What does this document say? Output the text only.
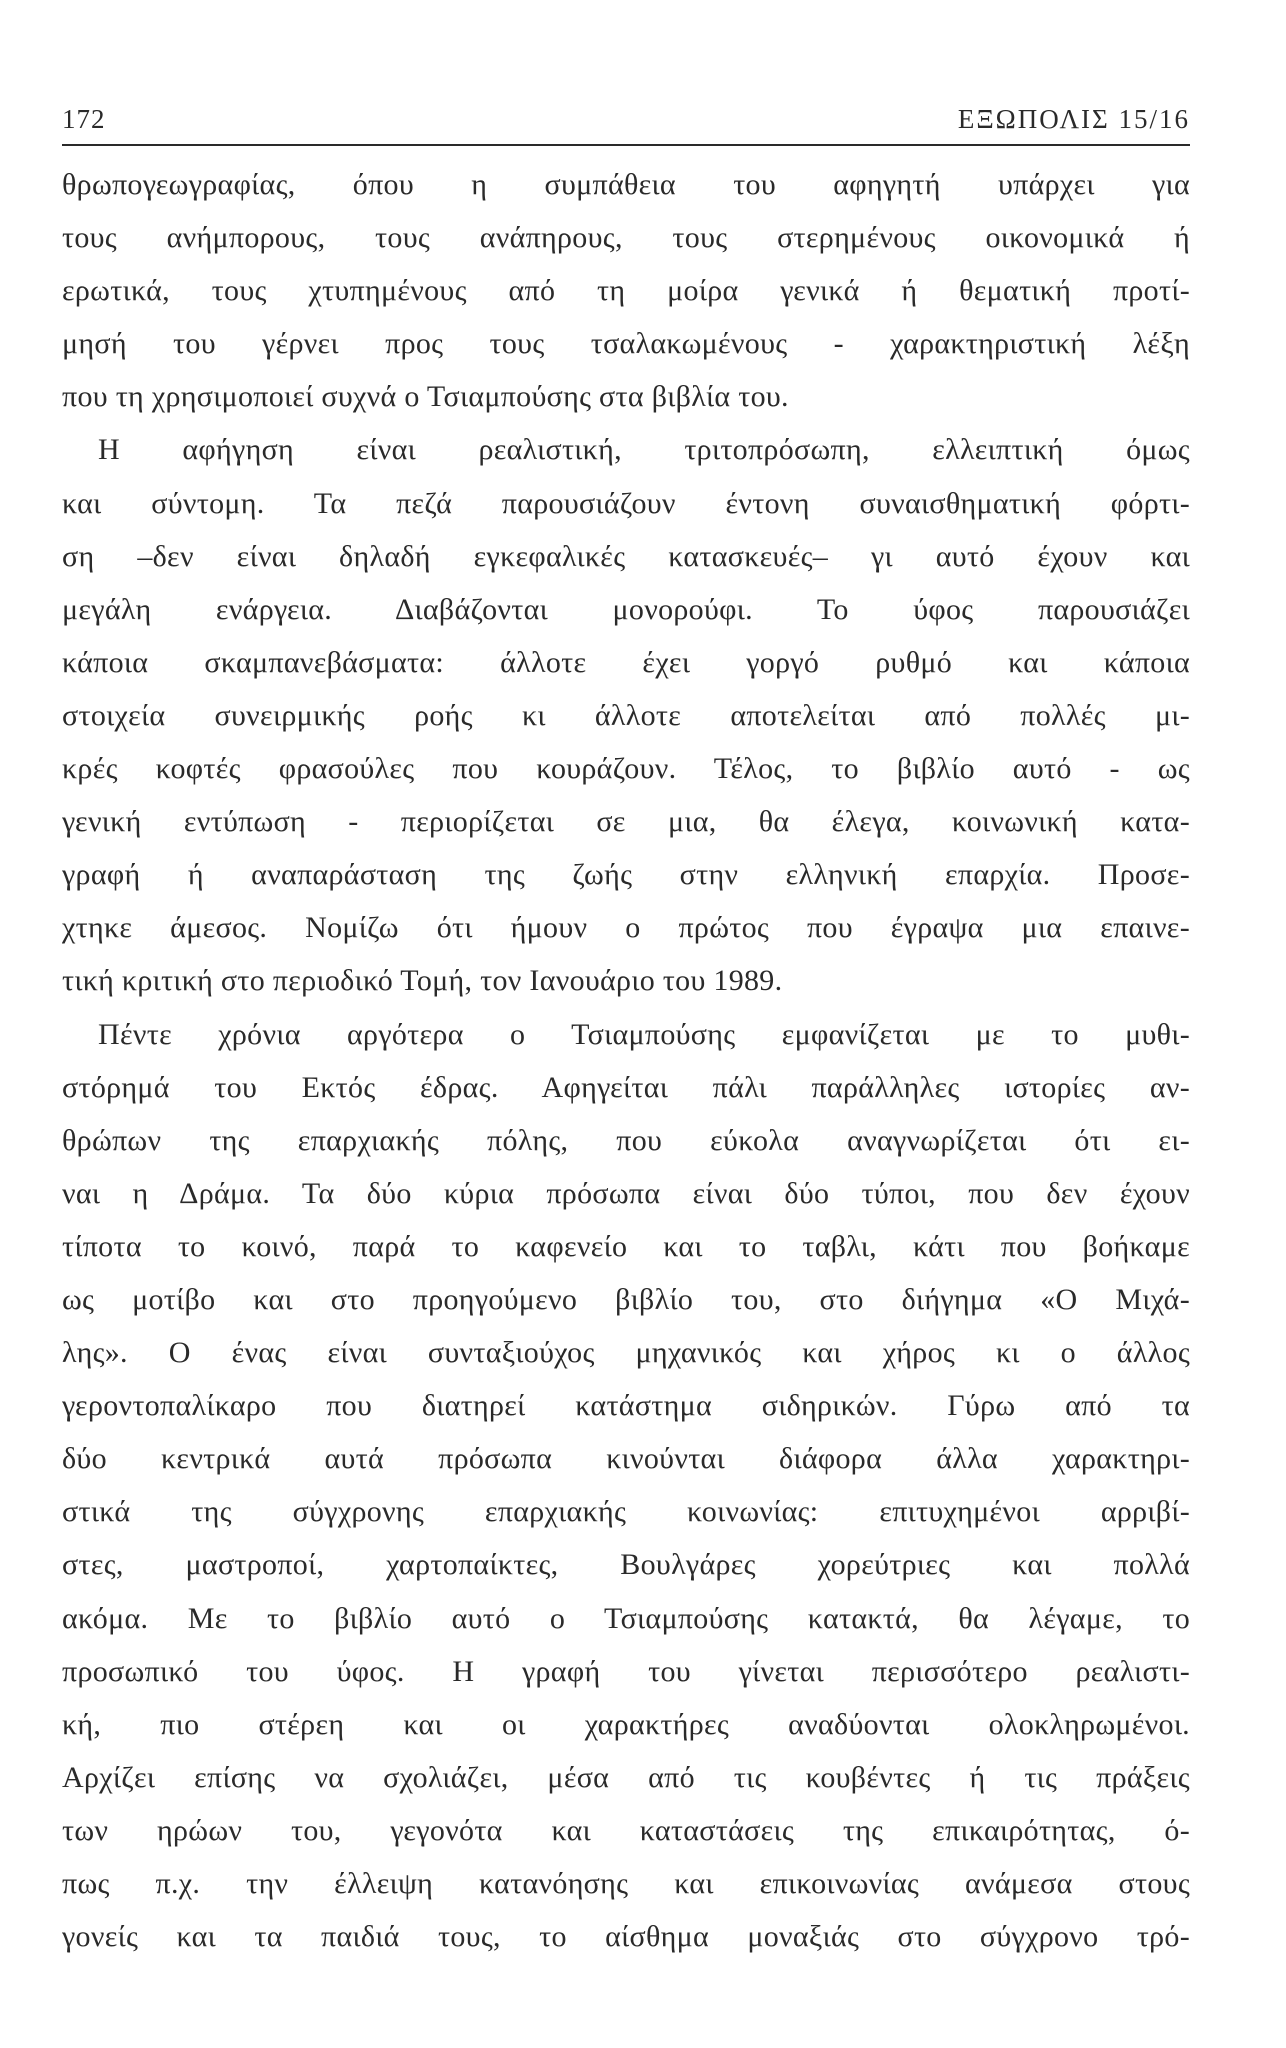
172	ΕΞΩΠΟΛΙΣ 15/16
θρωπογεωγραφίας, όπου η συμπάθεια του αφηγητή υπάρχει για
τους ανήμπορους, τους ανάπηρους, τους στερημένους οικονομικά ή
ερωτικά, τους χτυπημένους από τη μοίρα γενικά ή θεματική προτί-
μησή του γέρνει προς τους τσαλακωμένους - χαρακτηριστική λέξη
που τη χρησιμοποιεί συχνά ο Τσιαμπούσης στα βιβλία του.
Η αφήγηση είναι ρεαλιστική, τριτοπρόσωπη, ελλειπτική όμως
και σύντομη. Τα πεζά παρουσιάζουν έντονη συναισθηματική φόρτι-
ση –δεν είναι δηλαδή εγκεφαλικές κατασκευές– γι αυτό έχουν και
μεγάλη ενάργεια. Διαβάζονται μονορούφι. Το ύφος παρουσιάζει
κάποια σκαμπανεβάσματα: άλλοτε έχει γοργό ρυθμό και κάποια
στοιχεία συνειρμικής ροής κι άλλοτε αποτελείται από πολλές μι-
κρές κοφτές φρασούλες που κουράζουν. Τέλος, το βιβλίο αυτό - ως
γενική εντύπωση - περιορίζεται σε μια, θα έλεγα, κοινωνική κατα-
γραφή ή αναπαράσταση της ζωής στην ελληνική επαρχία. Προσε-
χτηκε άμεσος. Νομίζω ότι ήμουν ο πρώτος που έγραψα μια επαινε-
τική κριτική στο περιοδικό Τομή, τον Ιανουάριο του 1989.
Πέντε χρόνια αργότερα ο Τσιαμπούσης εμφανίζεται με το μυθι-
στόρημά του Εκτός έδρας. Αφηγείται πάλι παράλληλες ιστορίες αν-
θρώπων της επαρχιακής πόλης, που εύκολα αναγνωρίζεται ότι ει-
ναι η Δράμα. Τα δύο κύρια πρόσωπα είναι δύο τύποι, που δεν έχουν
τίποτα το κοινό, παρά το καφενείο και το ταβλι, κάτι που βοήκαμε
ως μοτίβο και στο προηγούμενο βιβλίο του, στο διήγημα «Ο Μιχά-
λης». Ο ένας είναι συνταξιούχος μηχανικός και χήρος κι ο άλλος
γεροντοπαλίκαρο που διατηρεί κατάστημα σιδηρικών. Γύρω από τα
δύο κεντρικά αυτά πρόσωπα κινούνται διάφορα άλλα χαρακτηρι-
στικά της σύγχρονης επαρχιακής κοινωνίας: επιτυχημένοι αρριβί-
στες, μαστροποί, χαρτοπαίκτες, Βουλγάρες χορεύτριες και πολλά
ακόμα. Με το βιβλίο αυτό ο Τσιαμπούσης κατακτά, θα λέγαμε, το
προσωπικό του ύφος. Η γραφή του γίνεται περισσότερο ρεαλιστι-
κή, πιο στέρεη και οι χαρακτήρες αναδύονται ολοκληρωμένοι.
Αρχίζει επίσης να σχολιάζει, μέσα από τις κουβέντες ή τις πράξεις
των ηρώων του, γεγονότα και καταστάσεις της επικαιρότητας, ό-
πως π.χ. την έλλειψη κατανόησης και επικοινωνίας ανάμεσα στους
γονείς και τα παιδιά τους, το αίσθημα μοναξιάς στο σύγχρονο τρό-
